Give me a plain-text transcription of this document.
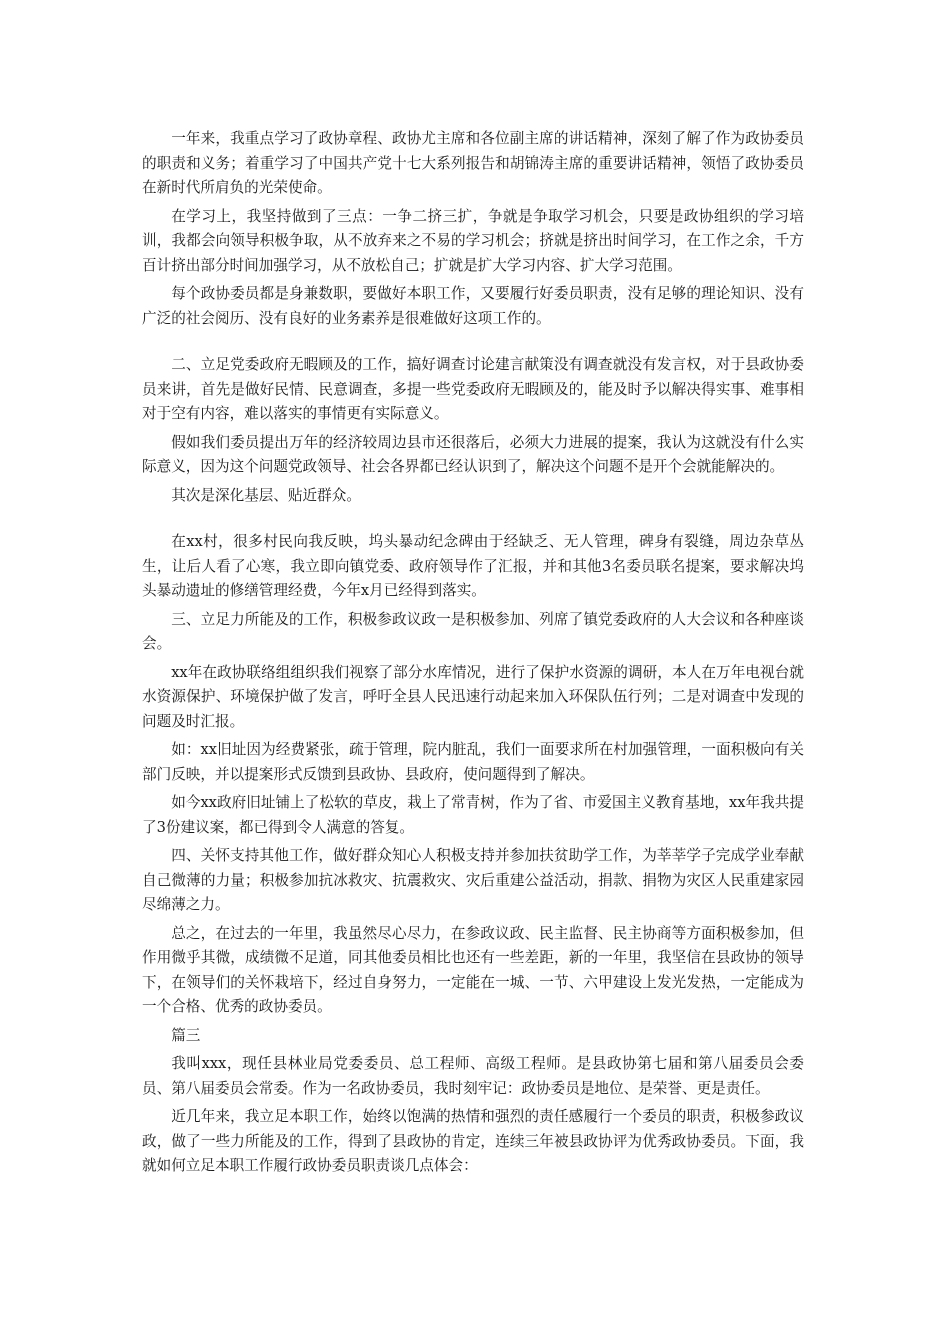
一年来，我重点学习了政协章程、政协尤主席和各位副主席的讲话精神，深刻了解了作为政协委员的职责和义务；着重学习了中国共产党十七大系列报告和胡锦涛主席的重要讲话精神，领悟了政协委员在新时代所肩负的光荣使命。

在学习上，我坚持做到了三点：一争二挤三扩，争就是争取学习机会，只要是政协组织的学习培训，我都会向领导积极争取，从不放弃来之不易的学习机会；挤就是挤出时间学习，在工作之余，千方百计挤出部分时间加强学习，从不放松自己；扩就是扩大学习内容、扩大学习范围。

每个政协委员都是身兼数职，要做好本职工作，又要履行好委员职责，没有足够的理论知识、没有广泛的社会阅历、没有良好的业务素养是很难做好这项工作的。

二、立足党委政府无暇顾及的工作，搞好调查讨论建言献策没有调查就没有发言权，对于县政协委员来讲，首先是做好民情、民意调查，多提一些党委政府无暇顾及的，能及时予以解决得实事、难事相对于空有内容，难以落实的事情更有实际意义。

假如我们委员提出万年的经济较周边县市还很落后，必须大力进展的提案，我认为这就没有什么实际意义，因为这个问题党政领导、社会各界都已经认识到了，解决这个问题不是开个会就能解决的。

其次是深化基层、贴近群众。

在xx村，很多村民向我反映，坞头暴动纪念碑由于经缺乏、无人管理，碑身有裂缝，周边杂草丛生，让后人看了心寒，我立即向镇党委、政府领导作了汇报，并和其他3名委员联名提案，要求解决坞头暴动遗址的修缮管理经费，今年x月已经得到落实。

三、立足力所能及的工作，积极参政议政一是积极参加、列席了镇党委政府的人大会议和各种座谈会。

xx年在政协联络组组织我们视察了部分水库情况，进行了保护水资源的调研，本人在万年电视台就水资源保护、环境保护做了发言，呼吁全县人民迅速行动起来加入环保队伍行列；二是对调查中发现的问题及时汇报。

如：xx旧址因为经费紧张，疏于管理，院内脏乱，我们一面要求所在村加强管理，一面积极向有关部门反映，并以提案形式反馈到县政协、县政府，使问题得到了解决。

如今xx政府旧址铺上了松软的草皮，栽上了常青树，作为了省、市爱国主义教育基地，xx年我共提了3份建议案，都已得到令人满意的答复。

四、关怀支持其他工作，做好群众知心人积极支持并参加扶贫助学工作，为莘莘学子完成学业奉献自己微薄的力量；积极参加抗冰救灾、抗震救灾、灾后重建公益活动，捐款、捐物为灾区人民重建家园尽绵薄之力。

总之，在过去的一年里，我虽然尽心尽力，在参政议政、民主监督、民主协商等方面积极参加，但作用微乎其微，成绩微不足道，同其他委员相比也还有一些差距，新的一年里，我坚信在县政协的领导下，在领导们的关怀栽培下，经过自身努力，一定能在一城、一节、六甲建设上发光发热，一定能成为一个合格、优秀的政协委员。

篇三

我叫xxx，现任县林业局党委委员、总工程师、高级工程师。是县政协第七届和第八届委员会委员、第八届委员会常委。作为一名政协委员，我时刻牢记：政协委员是地位、是荣誉、更是责任。

近几年来，我立足本职工作，始终以饱满的热情和强烈的责任感履行一个委员的职责，积极参政议政，做了一些力所能及的工作，得到了县政协的肯定，连续三年被县政协评为优秀政协委员。下面，我就如何立足本职工作履行政协委员职责谈几点体会：
